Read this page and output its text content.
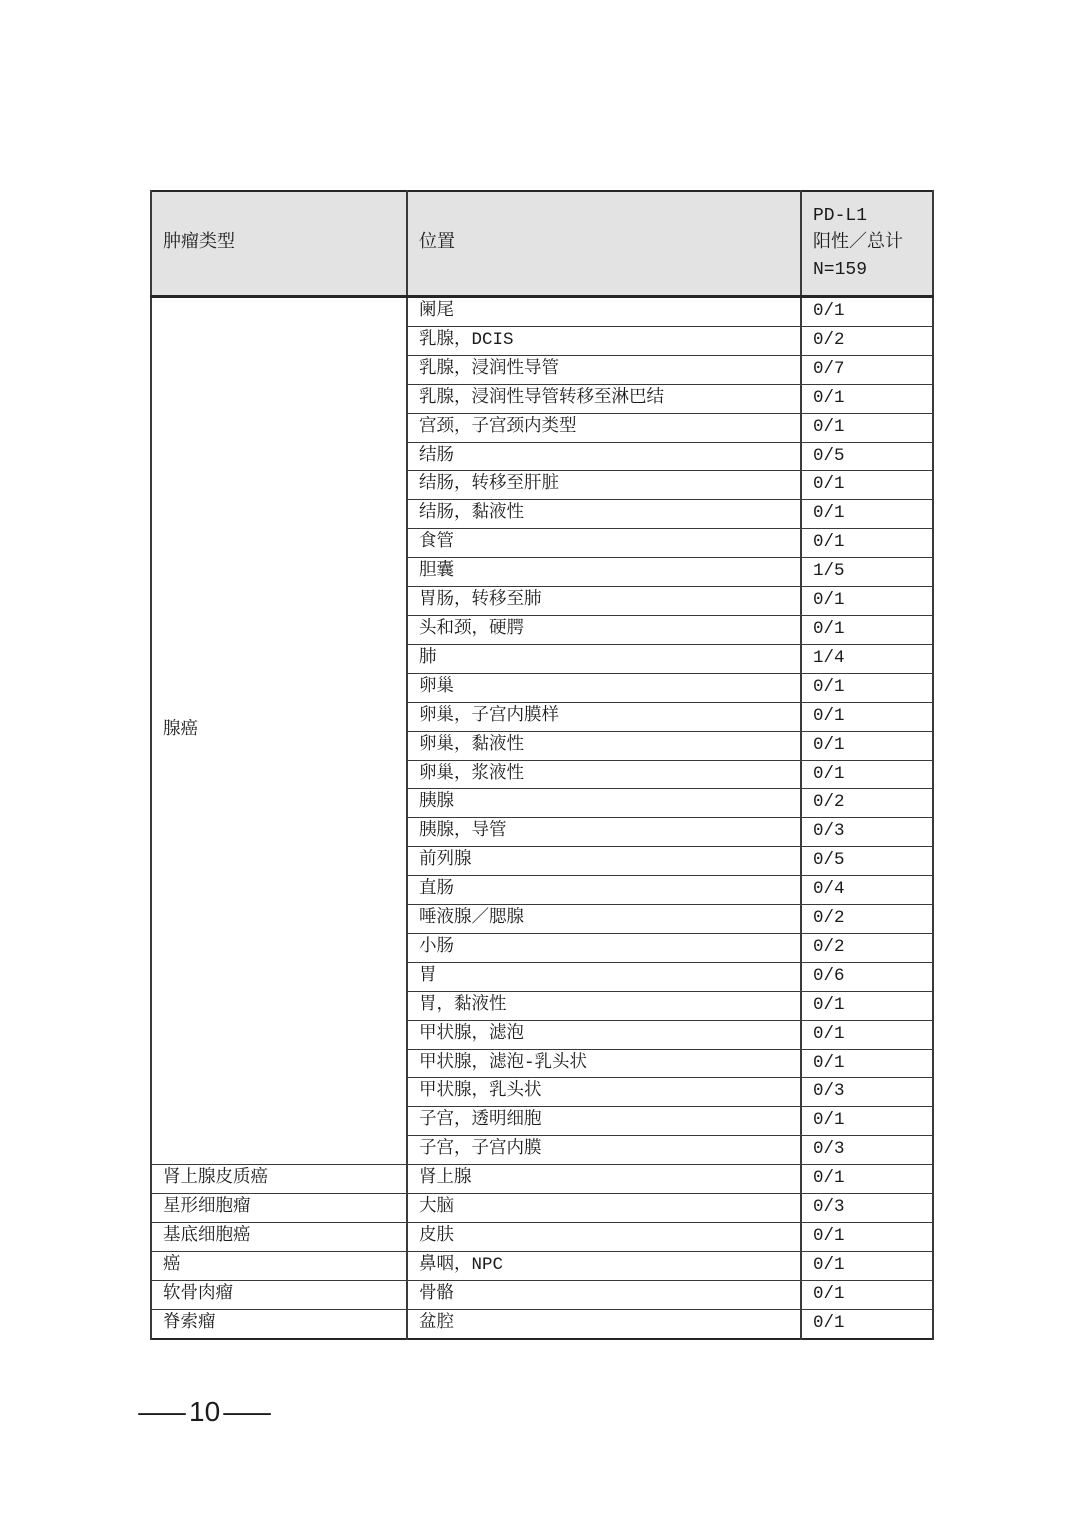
肿瘤类型	位置	PD-L1
阳性／总计
N=159

腺癌	阑尾	0/1
	乳腺，DCIS	0/2
	乳腺，浸润性导管	0/7
	乳腺，浸润性导管转移至淋巴结	0/1
	宫颈，子宫颈内类型	0/1
	结肠	0/5
	结肠，转移至肝脏	0/1
	结肠，黏液性	0/1
	食管	0/1
	胆囊	1/5
	胃肠，转移至肺	0/1
	头和颈，硬腭	0/1
	肺	1/4
	卵巢	0/1
	卵巢，子宫内膜样	0/1
	卵巢，黏液性	0/1
	卵巢，浆液性	0/1
	胰腺	0/2
	胰腺，导管	0/3
	前列腺	0/5
	直肠	0/4
	唾液腺／腮腺	0/2
	小肠	0/2
	胃	0/6
	胃，黏液性	0/1
	甲状腺，滤泡	0/1
	甲状腺，滤泡-乳头状	0/1
	甲状腺，乳头状	0/3
	子宫，透明细胞	0/1
	子宫，子宫内膜	0/3
肾上腺皮质癌	肾上腺	0/1
星形细胞瘤	大脑	0/3
基底细胞癌	皮肤	0/1
癌	鼻咽，NPC	0/1
软骨肉瘤	骨骼	0/1
脊索瘤	盆腔	0/1
— 10 —
